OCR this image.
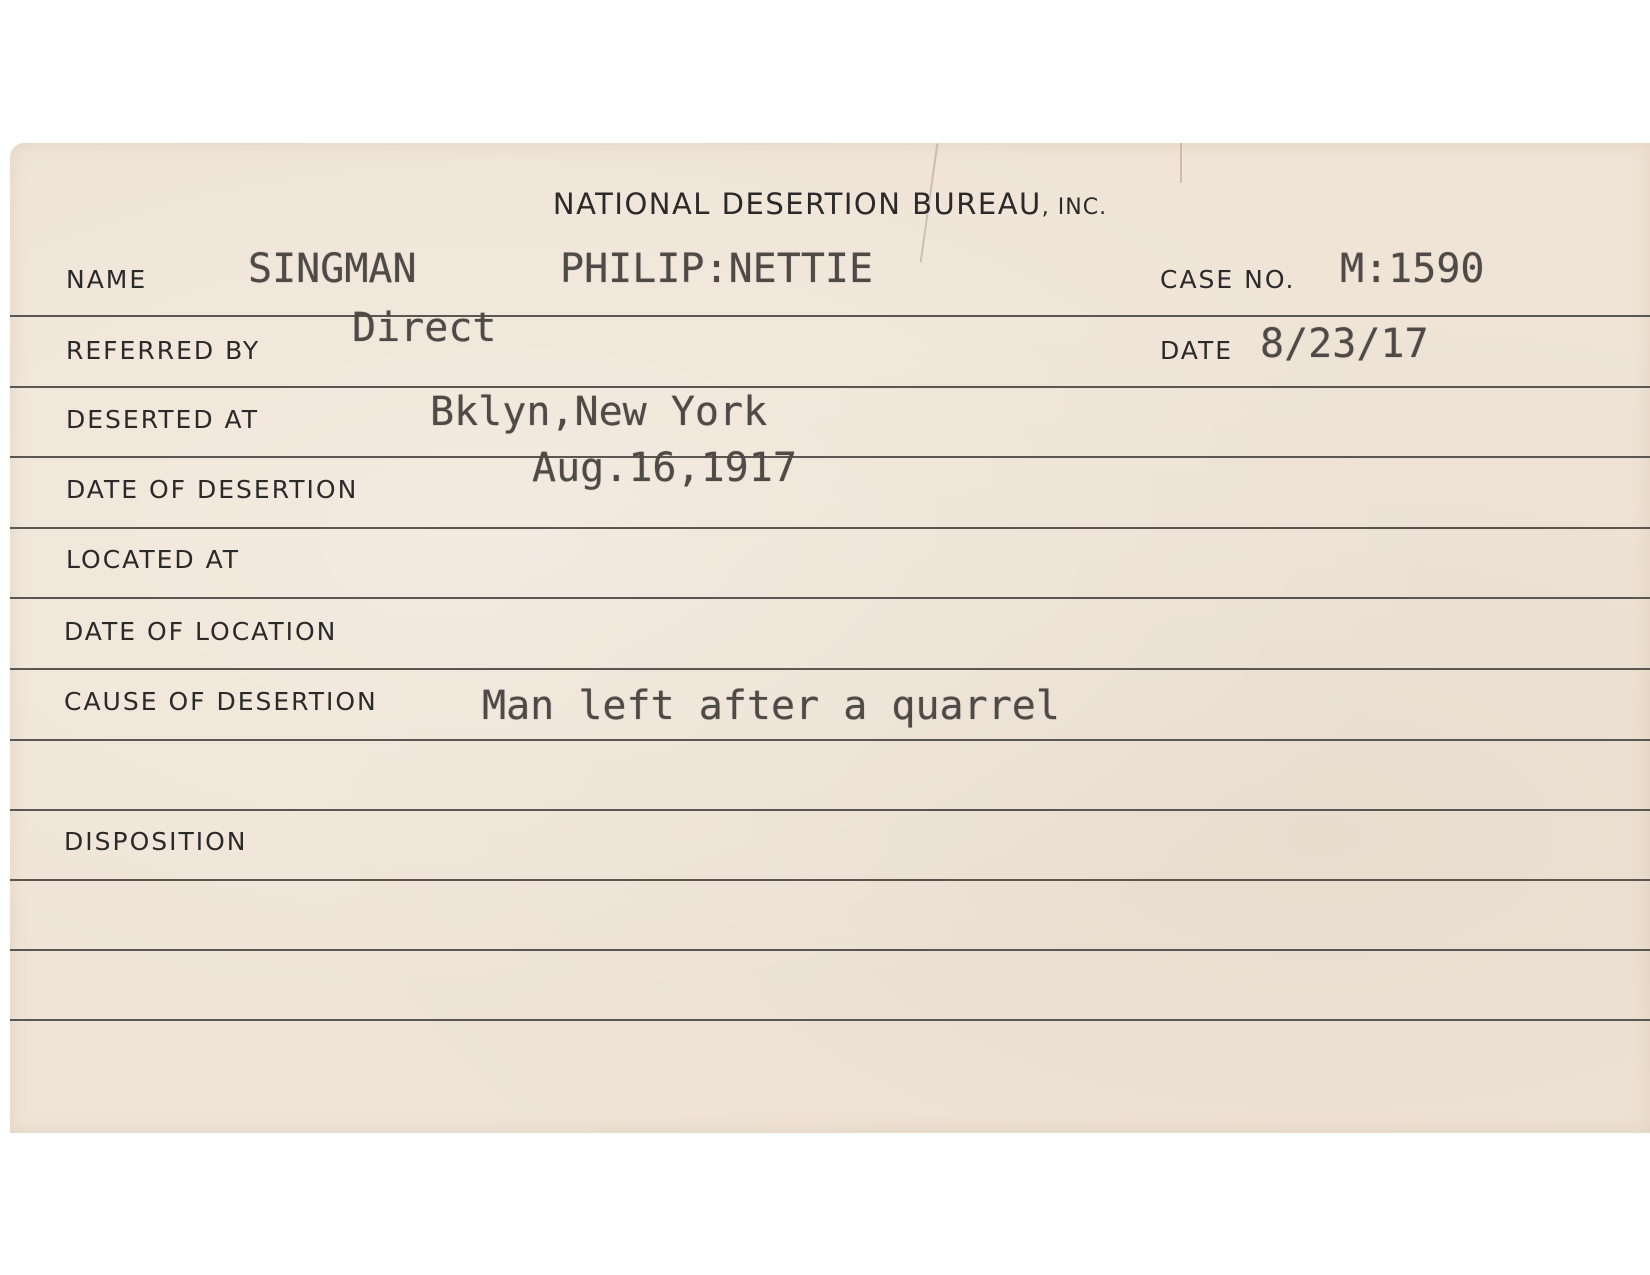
NATIONAL DESERTION BUREAU, INC.
NAME	SINGMAN	PHILIP:NETTIE	CASE NO. M:1590
REFERRED BY Direct	DATE 8/23/17
DESERTED AT	Bklyn,New York
DATE OF DESERTION	Aug.16,1917
LOCATED AT
DATE OF LOCATION
CAUSE OF DESERTION	Man left after a quarrel
DISPOSITION
